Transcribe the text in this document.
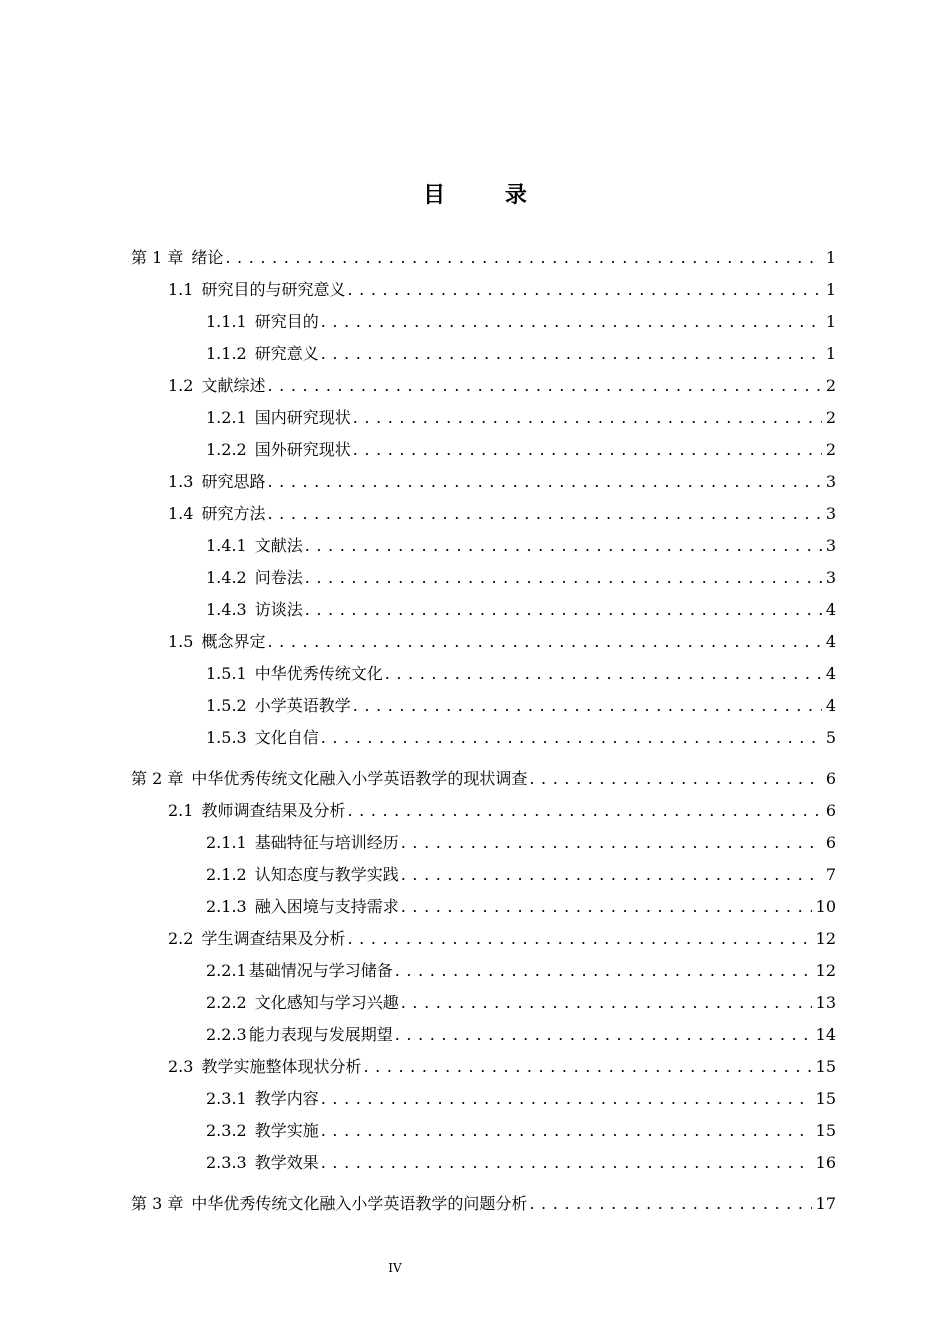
目 录
第 1 章 绪论 . . .	1
1.1 研究目的与研究意义 . . .	1
1.1.1 研究目的 . . .	1
1.1.2 研究意义 . . .	1
1.2 文献综述 . . .	2
1.2.1 国内研究现状 . . .	2
1.2.2 国外研究现状 . . .	2
1.3 研究思路 . . .	3
1.4 研究方法 . . .	3
1.4.1 文献法 . . .	3
1.4.2 问卷法 . . .	3
1.4.3 访谈法 . . .	4
1.5 概念界定 . . .	4
1.5.1 中华优秀传统文化 . . .	4
1.5.2 小学英语教学 . . .	4
1.5.3 文化自信 . . .	5
第 2 章 中华优秀传统文化融入小学英语教学的现状调查 . . .	6
2.1 教师调查结果及分析 . . .	6
2.1.1 基础特征与培训经历 . . .	6
2.1.2 认知态度与教学实践 . . .	7
2.1.3 融入困境与支持需求 . . .	10
2.2 学生调查结果及分析 . . .	12
2.2.1 基础情况与学习储备 . . .	12
2.2.2 文化感知与学习兴趣 . . .	13
2.2.3 能力表现与发展期望 . . .	14
2.3 教学实施整体现状分析 . . .	15
2.3.1 教学内容 . . .	15
2.3.2 教学实施 . . .	15
2.3.3 教学效果 . . .	16
第 3 章 中华优秀传统文化融入小学英语教学的问题分析 . . .	17
IV
